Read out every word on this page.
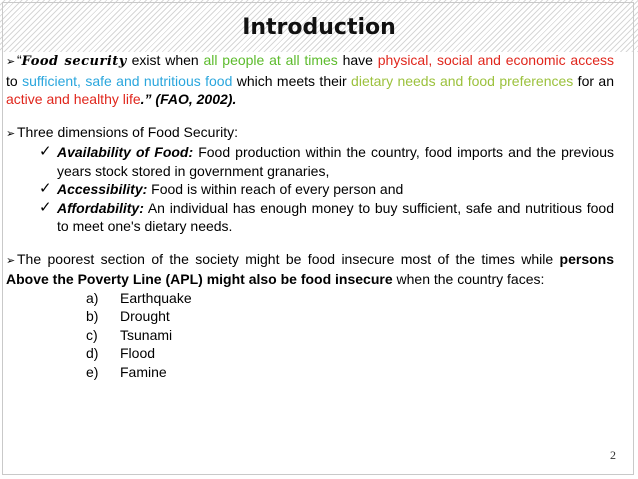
Introduction

➢ “Food security exist when all people at all times have physical, social and economic access to sufficient, safe and nutritious food which meets their dietary needs and food preferences for an active and healthy life.” (FAO, 2002).

➢ Three dimensions of Food Security:

✓ Availability of Food: Food production within the country, food imports and the previous years stock stored in government granaries,
✓ Accessibility: Food is within reach of every person and
✓ Affordability: An individual has enough money to buy sufficient, safe and nutritious food to meet one's dietary needs.

➢ The poorest section of the society might be food insecure most of the times while persons Above the Poverty Line (APL) might also be food insecure when the country faces:

a) Earthquake
b) Drought
c) Tsunami
d) Flood
e) Famine
2
